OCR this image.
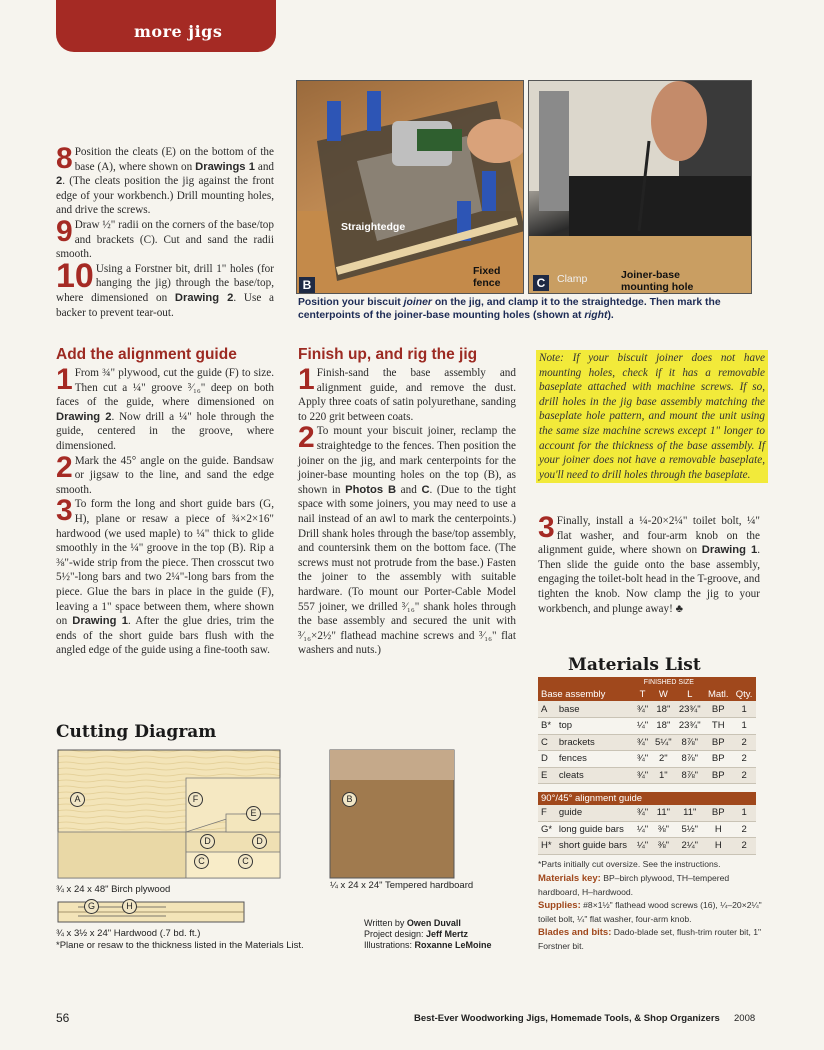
more jigs

8 Position the cleats (E) on the bottom of the base (A), where shown on Drawings 1 and 2. (The cleats position the jig against the front edge of your workbench.) Drill mounting holes, and drive the screws.

9 Draw ½" radii on the corners of the base/top and brackets (C). Cut and sand the radii smooth.

10 Using a Forstner bit, drill 1" holes (for hanging the jig) through the base/top, where dimensioned on Drawing 2. Use a backer to prevent tear-out.

Straightedge
Fixed fence
B	Clamp	Joiner-base mounting hole
C
Position your biscuit joiner on the jig, and clamp it to the straightedge. Then mark the centerpoints of the joiner-base mounting holes (shown at right).
Add the alignment guide

1 From ¾" plywood, cut the guide (F) to size. Then cut a ¼" groove ³⁄₁₆" deep on both faces of the guide, where dimensioned on Drawing 2. Now drill a ¼" hole through the guide, centered in the groove, where dimensioned.

2 Mark the 45° angle on the guide. Bandsaw or jigsaw to the line, and sand the edge smooth.

3 To form the long and short guide bars (G, H), plane or resaw a piece of ¾×2×16" hardwood (we used maple) to ¼" thick to glide smoothly in the ¼" groove in the top (B). Rip a ⅜"-wide strip from the piece. Then crosscut two 5½"-long bars and two 2¼"-long bars from the piece. Glue the bars in place in the guide (F), leaving a 1" space between them, where shown on Drawing 1. After the glue dries, trim the ends of the short guide bars flush with the angled edge of the guide using a fine-tooth saw.

Finish up, and rig the jig

1 Finish-sand the base assembly and alignment guide, and remove the dust. Apply three coats of satin polyurethane, sanding to 220 grit between coats.

2 To mount your biscuit joiner, reclamp the straightedge to the fences. Then position the joiner on the jig, and mark centerpoints for the joiner-base mounting holes on the top (B), as shown in Photos B and C. (Due to the tight space with some joiners, you may need to use a nail instead of an awl to mark the centerpoints.) Drill shank holes through the base/top assembly, and countersink them on the bottom face. (The screws must not protrude from the base.) Fasten the joiner to the assembly with suitable hardware. (To mount our Porter-Cable Model 557 joiner, we drilled ³⁄₁₆" shank holes through the base assembly and secured the unit with ³⁄₁₆×2½" flathead machine screws and ³⁄₁₆" flat washers and nuts.)

Note: If your biscuit joiner does not have mounting holes, check if it has a removable baseplate attached with machine screws. If so, drill holes in the jig base assembly matching the baseplate hole pattern, and mount the unit using the same size machine screws except 1" longer to account for the thickness of the base assembly. If your joiner does not have a removable baseplate, you'll need to drill holes through the baseplate.

3 Finally, install a ¼-20×2¼" toilet bolt, ¼" flat washer, and four-arm knob on the alignment guide, where shown on Drawing 1. Then slide the guide onto the base assembly, engaging the toilet-bolt head in the T-groove, and tighten the knob. Now clamp the jig to your workbench, and plunge away! ♣

Materials List
		FINISHED SIZE				
Base assembly		T	W	L	Matl.	Qty.
A	base	¾"	18"	23¾"	BP	1
B*	top	¼"	18"	23¾"	TH	1
C	brackets	¾"	5¼"	8⅞"	BP	2
D	fences	¾"	2"	8⅞"	BP	2
E	cleats	¾"	1"	8⅞"	BP	2

90°/45° alignment guide						
F	guide	¾"	11"	11"	BP	1
G*	long guide bars	¼"	⅜"	5½"	H	2
H*	short guide bars	¼"	⅜"	2¼"	H	2
*Parts initially cut oversize. See the instructions.
Materials key: BP–birch plywood, TH–tempered hardboard, H–hardwood.
Supplies: #8×1½" flathead wood screws (16), ¼–20×2¼" toilet bolt, ¼" flat washer, four-arm knob.
Blades and bits: Dado-blade set, flush-trim router bit, 1" Forstner bit.
Cutting Diagram
A	F
E
D	D
C	C
B
¾ x 24 x 48" Birch plywood	¼ x 24 x 24" Tempered hardboard
G	H
¾ x 3½ x 24" Hardwood (.7 bd. ft.)
*Plane or resaw to the thickness listed in the Materials List.
Written by Owen Duvall
Project design: Jeff Mertz
Illustrations: Roxanne LeMoine
56	Best-Ever Woodworking Jigs, Homemade Tools, & Shop Organizers 2008
